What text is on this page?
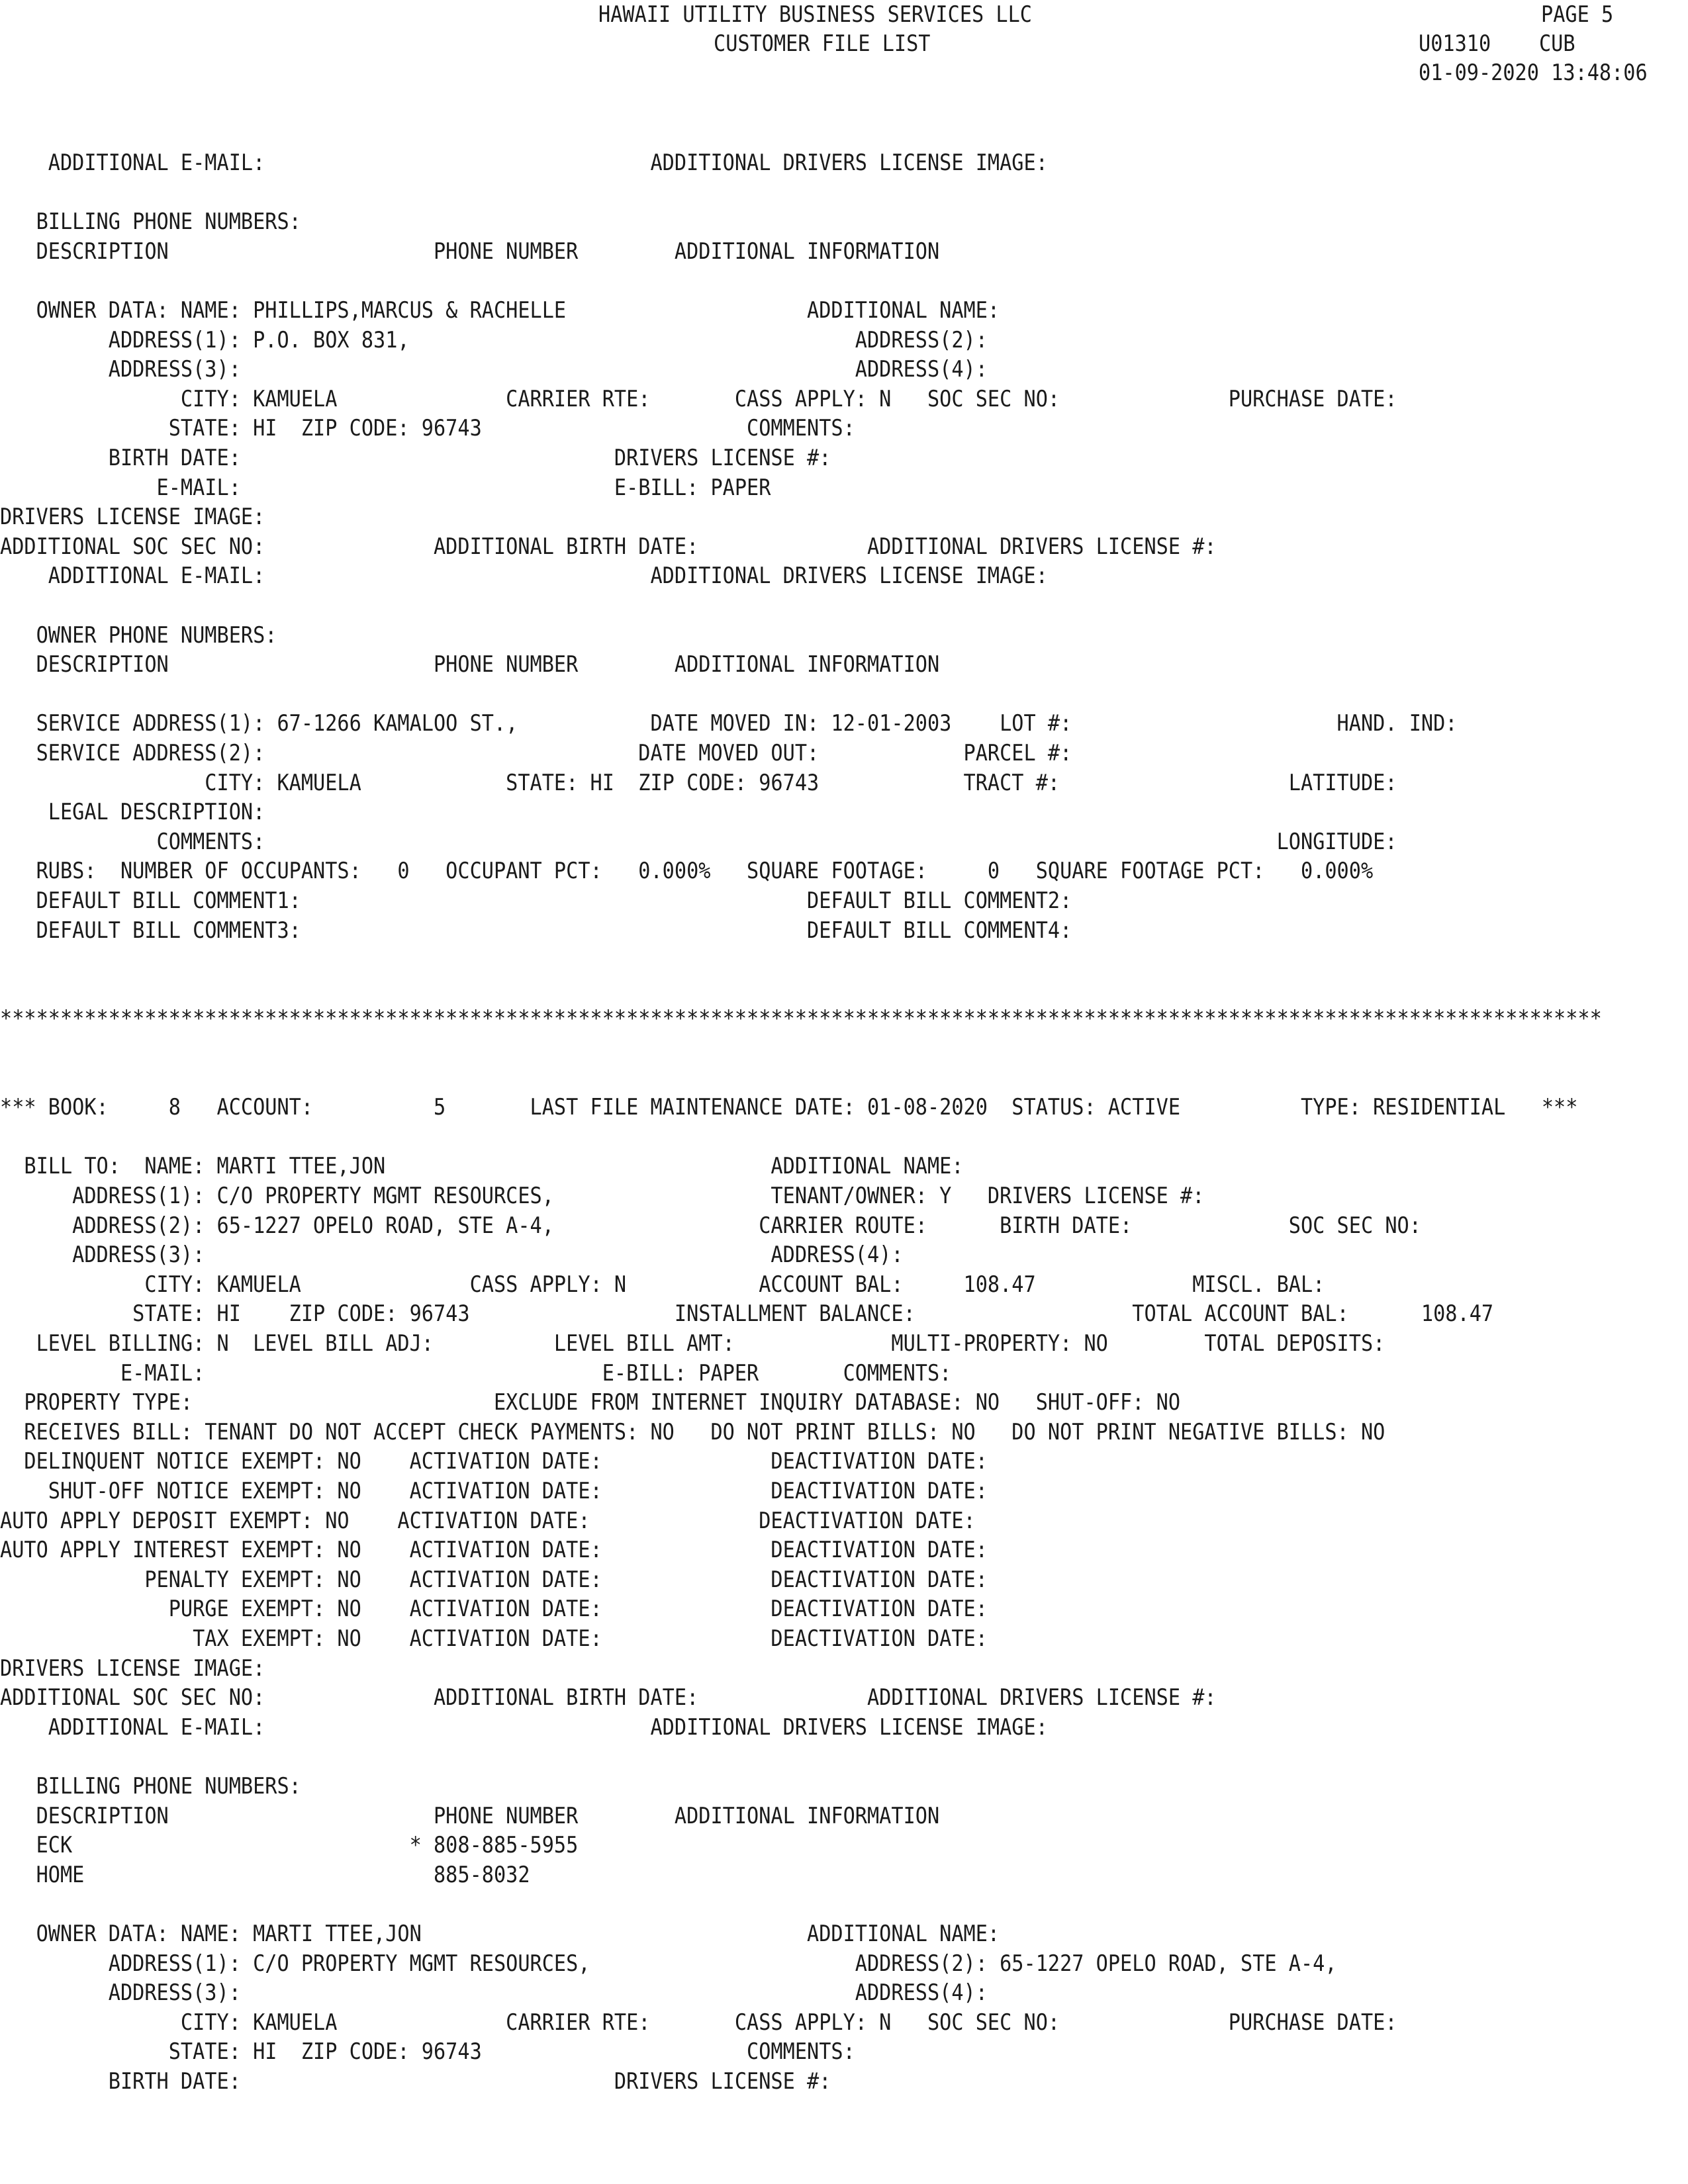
HAWAII UTILITY BUSINESS SERVICES LLC	PAGE 5
CUSTOMER FILE LIST	U01310    CUB
01-09-2020 13:48:06
ADDITIONAL E-MAIL:                                ADDITIONAL DRIVERS LICENSE IMAGE:
BILLING PHONE NUMBERS:
DESCRIPTION                      PHONE NUMBER        ADDITIONAL INFORMATION
OWNER DATA: NAME: PHILLIPS,MARCUS & RACHELLE                    ADDITIONAL NAME:
ADDRESS(1): P.O. BOX 831,                                     ADDRESS(2):
ADDRESS(3):                                                   ADDRESS(4):
CITY: KAMUELA              CARRIER RTE:       CASS APPLY: N   SOC SEC NO:              PURCHASE DATE:
STATE: HI  ZIP CODE: 96743                      COMMENTS:
BIRTH DATE:                               DRIVERS LICENSE #:
E-MAIL:                               E-BILL: PAPER
DRIVERS LICENSE IMAGE:
ADDITIONAL SOC SEC NO:              ADDITIONAL BIRTH DATE:              ADDITIONAL DRIVERS LICENSE #:
ADDITIONAL E-MAIL:                                ADDITIONAL DRIVERS LICENSE IMAGE:
OWNER PHONE NUMBERS:
DESCRIPTION                      PHONE NUMBER        ADDITIONAL INFORMATION
SERVICE ADDRESS(1): 67-1266 KAMALOO ST.,           DATE MOVED IN: 12-01-2003    LOT #:                      HAND. IND:
SERVICE ADDRESS(2):                               DATE MOVED OUT:            PARCEL #:
CITY: KAMUELA            STATE: HI  ZIP CODE: 96743            TRACT #:                   LATITUDE:
LEGAL DESCRIPTION:
COMMENTS:                                                                                    LONGITUDE:
RUBS:  NUMBER OF OCCUPANTS:   0   OCCUPANT PCT:   0.000%   SQUARE FOOTAGE:     0   SQUARE FOOTAGE PCT:   0.000%
DEFAULT BILL COMMENT1:                                          DEFAULT BILL COMMENT2:
DEFAULT BILL COMMENT3:                                          DEFAULT BILL COMMENT4:
*************************************************************************************************************************************
*** BOOK:     8   ACCOUNT:          5       LAST FILE MAINTENANCE DATE: 01-08-2020  STATUS: ACTIVE          TYPE: RESIDENTIAL   ***
BILL TO:  NAME: MARTI TTEE,JON                                ADDITIONAL NAME:
ADDRESS(1): C/O PROPERTY MGMT RESOURCES,                  TENANT/OWNER: Y   DRIVERS LICENSE #:
ADDRESS(2): 65-1227 OPELO ROAD, STE A-4,                 CARRIER ROUTE:      BIRTH DATE:             SOC SEC NO:
ADDRESS(3):                                               ADDRESS(4):
CITY: KAMUELA              CASS APPLY: N           ACCOUNT BAL:     108.47             MISCL. BAL:
STATE: HI    ZIP CODE: 96743                 INSTALLMENT BALANCE:                  TOTAL ACCOUNT BAL:      108.47
LEVEL BILLING: N  LEVEL BILL ADJ:          LEVEL BILL AMT:             MULTI-PROPERTY: NO        TOTAL DEPOSITS:
E-MAIL:                                 E-BILL: PAPER       COMMENTS:
PROPERTY TYPE:                         EXCLUDE FROM INTERNET INQUIRY DATABASE: NO   SHUT-OFF: NO
RECEIVES BILL: TENANT DO NOT ACCEPT CHECK PAYMENTS: NO   DO NOT PRINT BILLS: NO   DO NOT PRINT NEGATIVE BILLS: NO
DELINQUENT NOTICE EXEMPT: NO    ACTIVATION DATE:              DEACTIVATION DATE:
SHUT-OFF NOTICE EXEMPT: NO    ACTIVATION DATE:              DEACTIVATION DATE:
AUTO APPLY DEPOSIT EXEMPT: NO    ACTIVATION DATE:              DEACTIVATION DATE:
AUTO APPLY INTEREST EXEMPT: NO    ACTIVATION DATE:              DEACTIVATION DATE:
PENALTY EXEMPT: NO    ACTIVATION DATE:              DEACTIVATION DATE:
PURGE EXEMPT: NO    ACTIVATION DATE:              DEACTIVATION DATE:
TAX EXEMPT: NO    ACTIVATION DATE:              DEACTIVATION DATE:
DRIVERS LICENSE IMAGE:
ADDITIONAL SOC SEC NO:              ADDITIONAL BIRTH DATE:              ADDITIONAL DRIVERS LICENSE #:
ADDITIONAL E-MAIL:                                ADDITIONAL DRIVERS LICENSE IMAGE:
BILLING PHONE NUMBERS:
DESCRIPTION                      PHONE NUMBER        ADDITIONAL INFORMATION
ECK                            * 808-885-5955
HOME                             885-8032
OWNER DATA: NAME: MARTI TTEE,JON                                ADDITIONAL NAME:
ADDRESS(1): C/O PROPERTY MGMT RESOURCES,                      ADDRESS(2): 65-1227 OPELO ROAD, STE A-4,
ADDRESS(3):                                                   ADDRESS(4):
CITY: KAMUELA              CARRIER RTE:       CASS APPLY: N   SOC SEC NO:              PURCHASE DATE:
STATE: HI  ZIP CODE: 96743                      COMMENTS:
BIRTH DATE:                               DRIVERS LICENSE #:
